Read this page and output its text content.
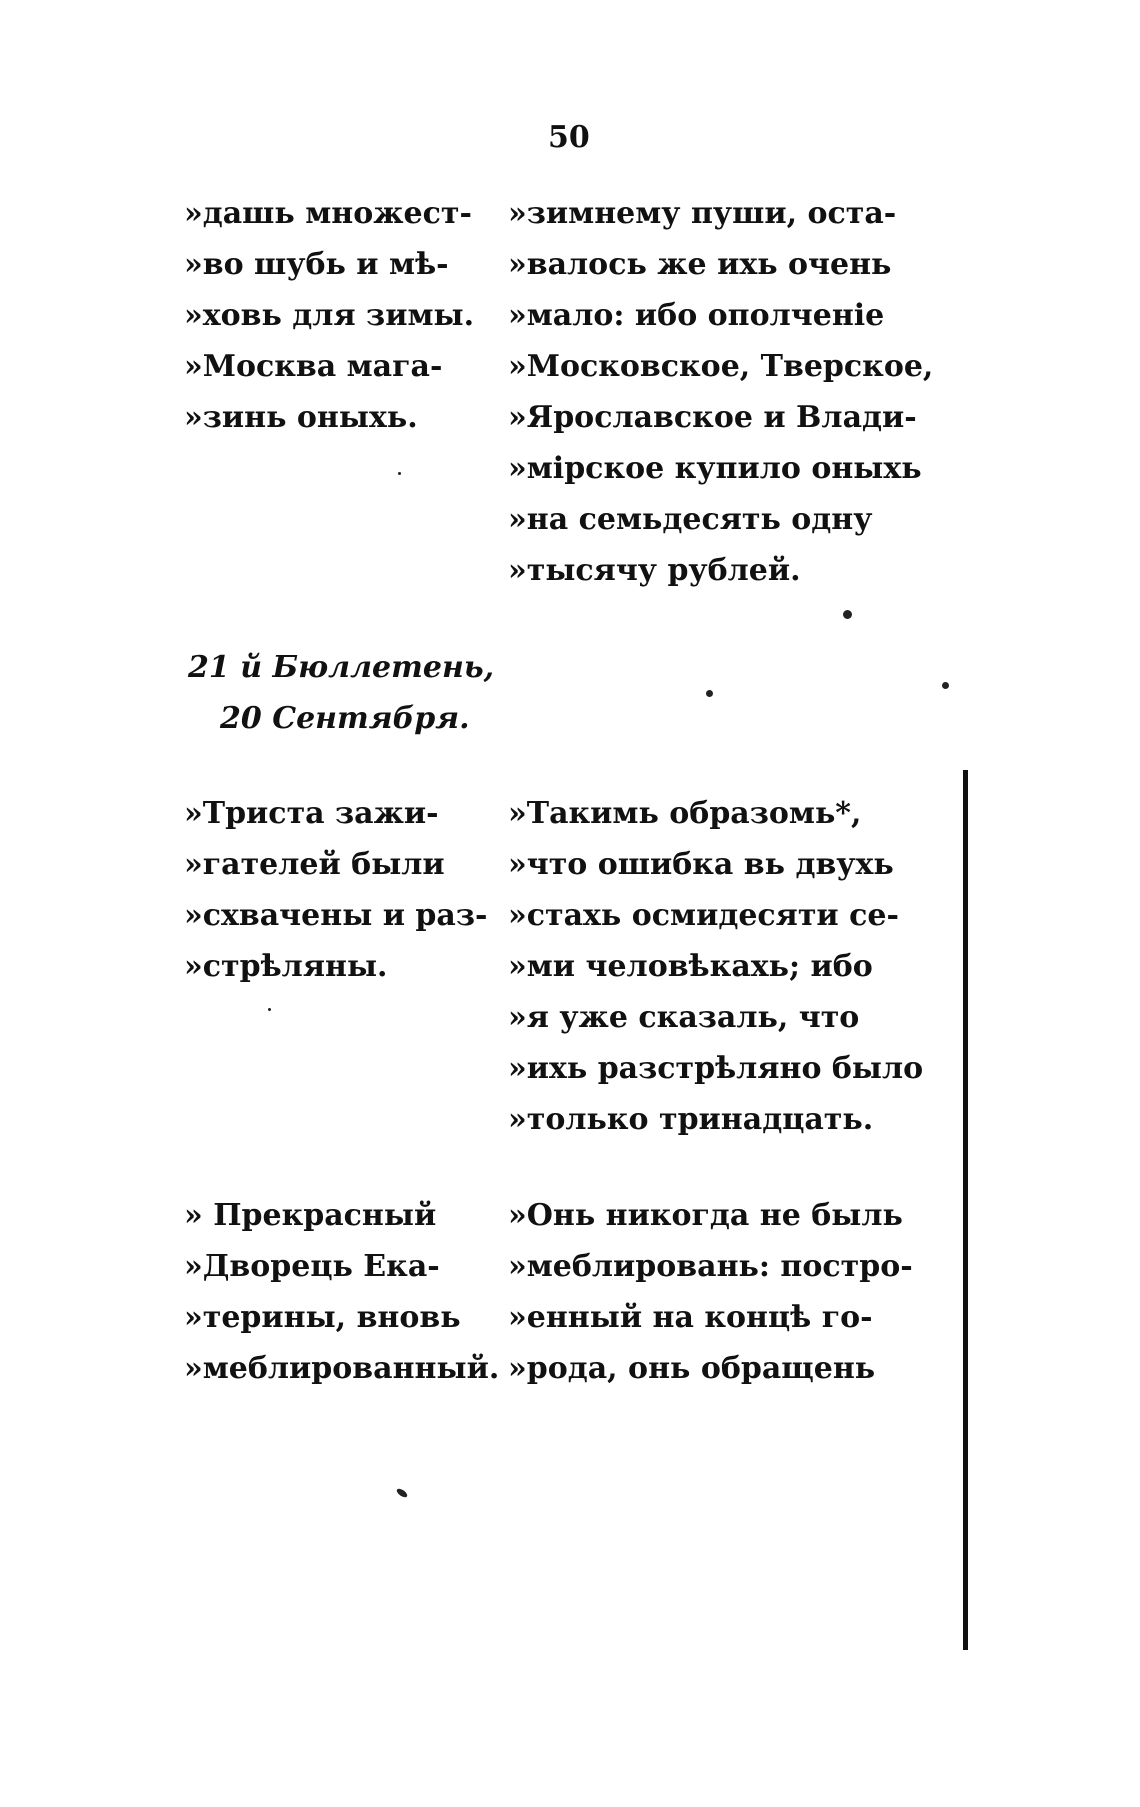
50
»дашь множест-
»во шубь и мѣ-
»ховь для зимы.
»Москва мага-
»зинь оныхь.
»зимнему пуши, оста-
»валось же ихь очень
»мало: ибо ополченіе
»Московское, Тверское,
»Ярославское и Влади-
»мірское купило оныхь
»на семьдесять одну
»тысячу рублей.
21 й Бюллетень,
20 Сентября.
»Триста зажи-
»гателей были
»схвачены и раз-
»стрѣляны.
»Такимь образомь*,
»что ошибка вь двухь
»стахь осмидесяти се-
»ми человѣкахь; ибо
»я уже сказаль, что
»ихь разстрѣляно было
»только тринадцать.
» Прекрасный
»Дворець Ека-
»терины, вновь
»меблированный.
»Онь никогда не быль
»меблировань: постро-
»енный на концѣ го-
»рода, онь обращень
